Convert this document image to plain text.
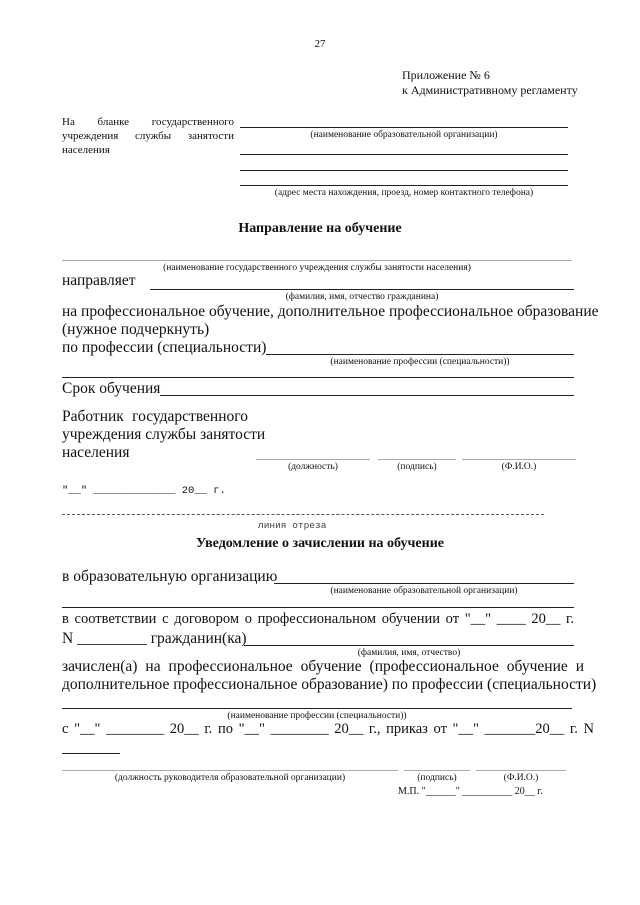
27
Приложение № 6
к Административному регламенту
На бланке государственного
учреждения службы занятости
населения
(наименование образовательной организации)
(адрес места нахождения, проезд, номер контактного телефона)
Направление на обучение
(наименование государственного учреждения службы занятости населения)
направляет
(фамилия, имя, отчество гражданина)
на профессиональное обучение, дополнительное профессиональное образование
(нужное подчеркнуть)
по профессии (специальности)
(наименование профессии (специальности))
Срок обучения
Работник государственного
учреждения службы занятости
населения
(должность)	(подпись)	(Ф.И.О.)
"__" _____________ 20__ г.
линия отреза
Уведомление о зачислении на обучение
в образовательную организацию
(наименование образовательной организации)
в соответствии с договором о профессиональном обучении от "__" ____ 20__ г.
N _________ гражданин(ка)
(фамилия, имя, отчество)
зачислен(а) на профессиональное обучение (профессиональное обучение и
дополнительное профессиональное образование) по профессии (специальности)
(наименование профессии (специальности))
с "__" ________ 20__ г. по "__" ________ 20__ г., приказ от "__" _______20__ г. N
(должность руководителя образовательной организации)	(подпись)	(Ф.И.О.)
М.П. "______" __________ 20__ г.
